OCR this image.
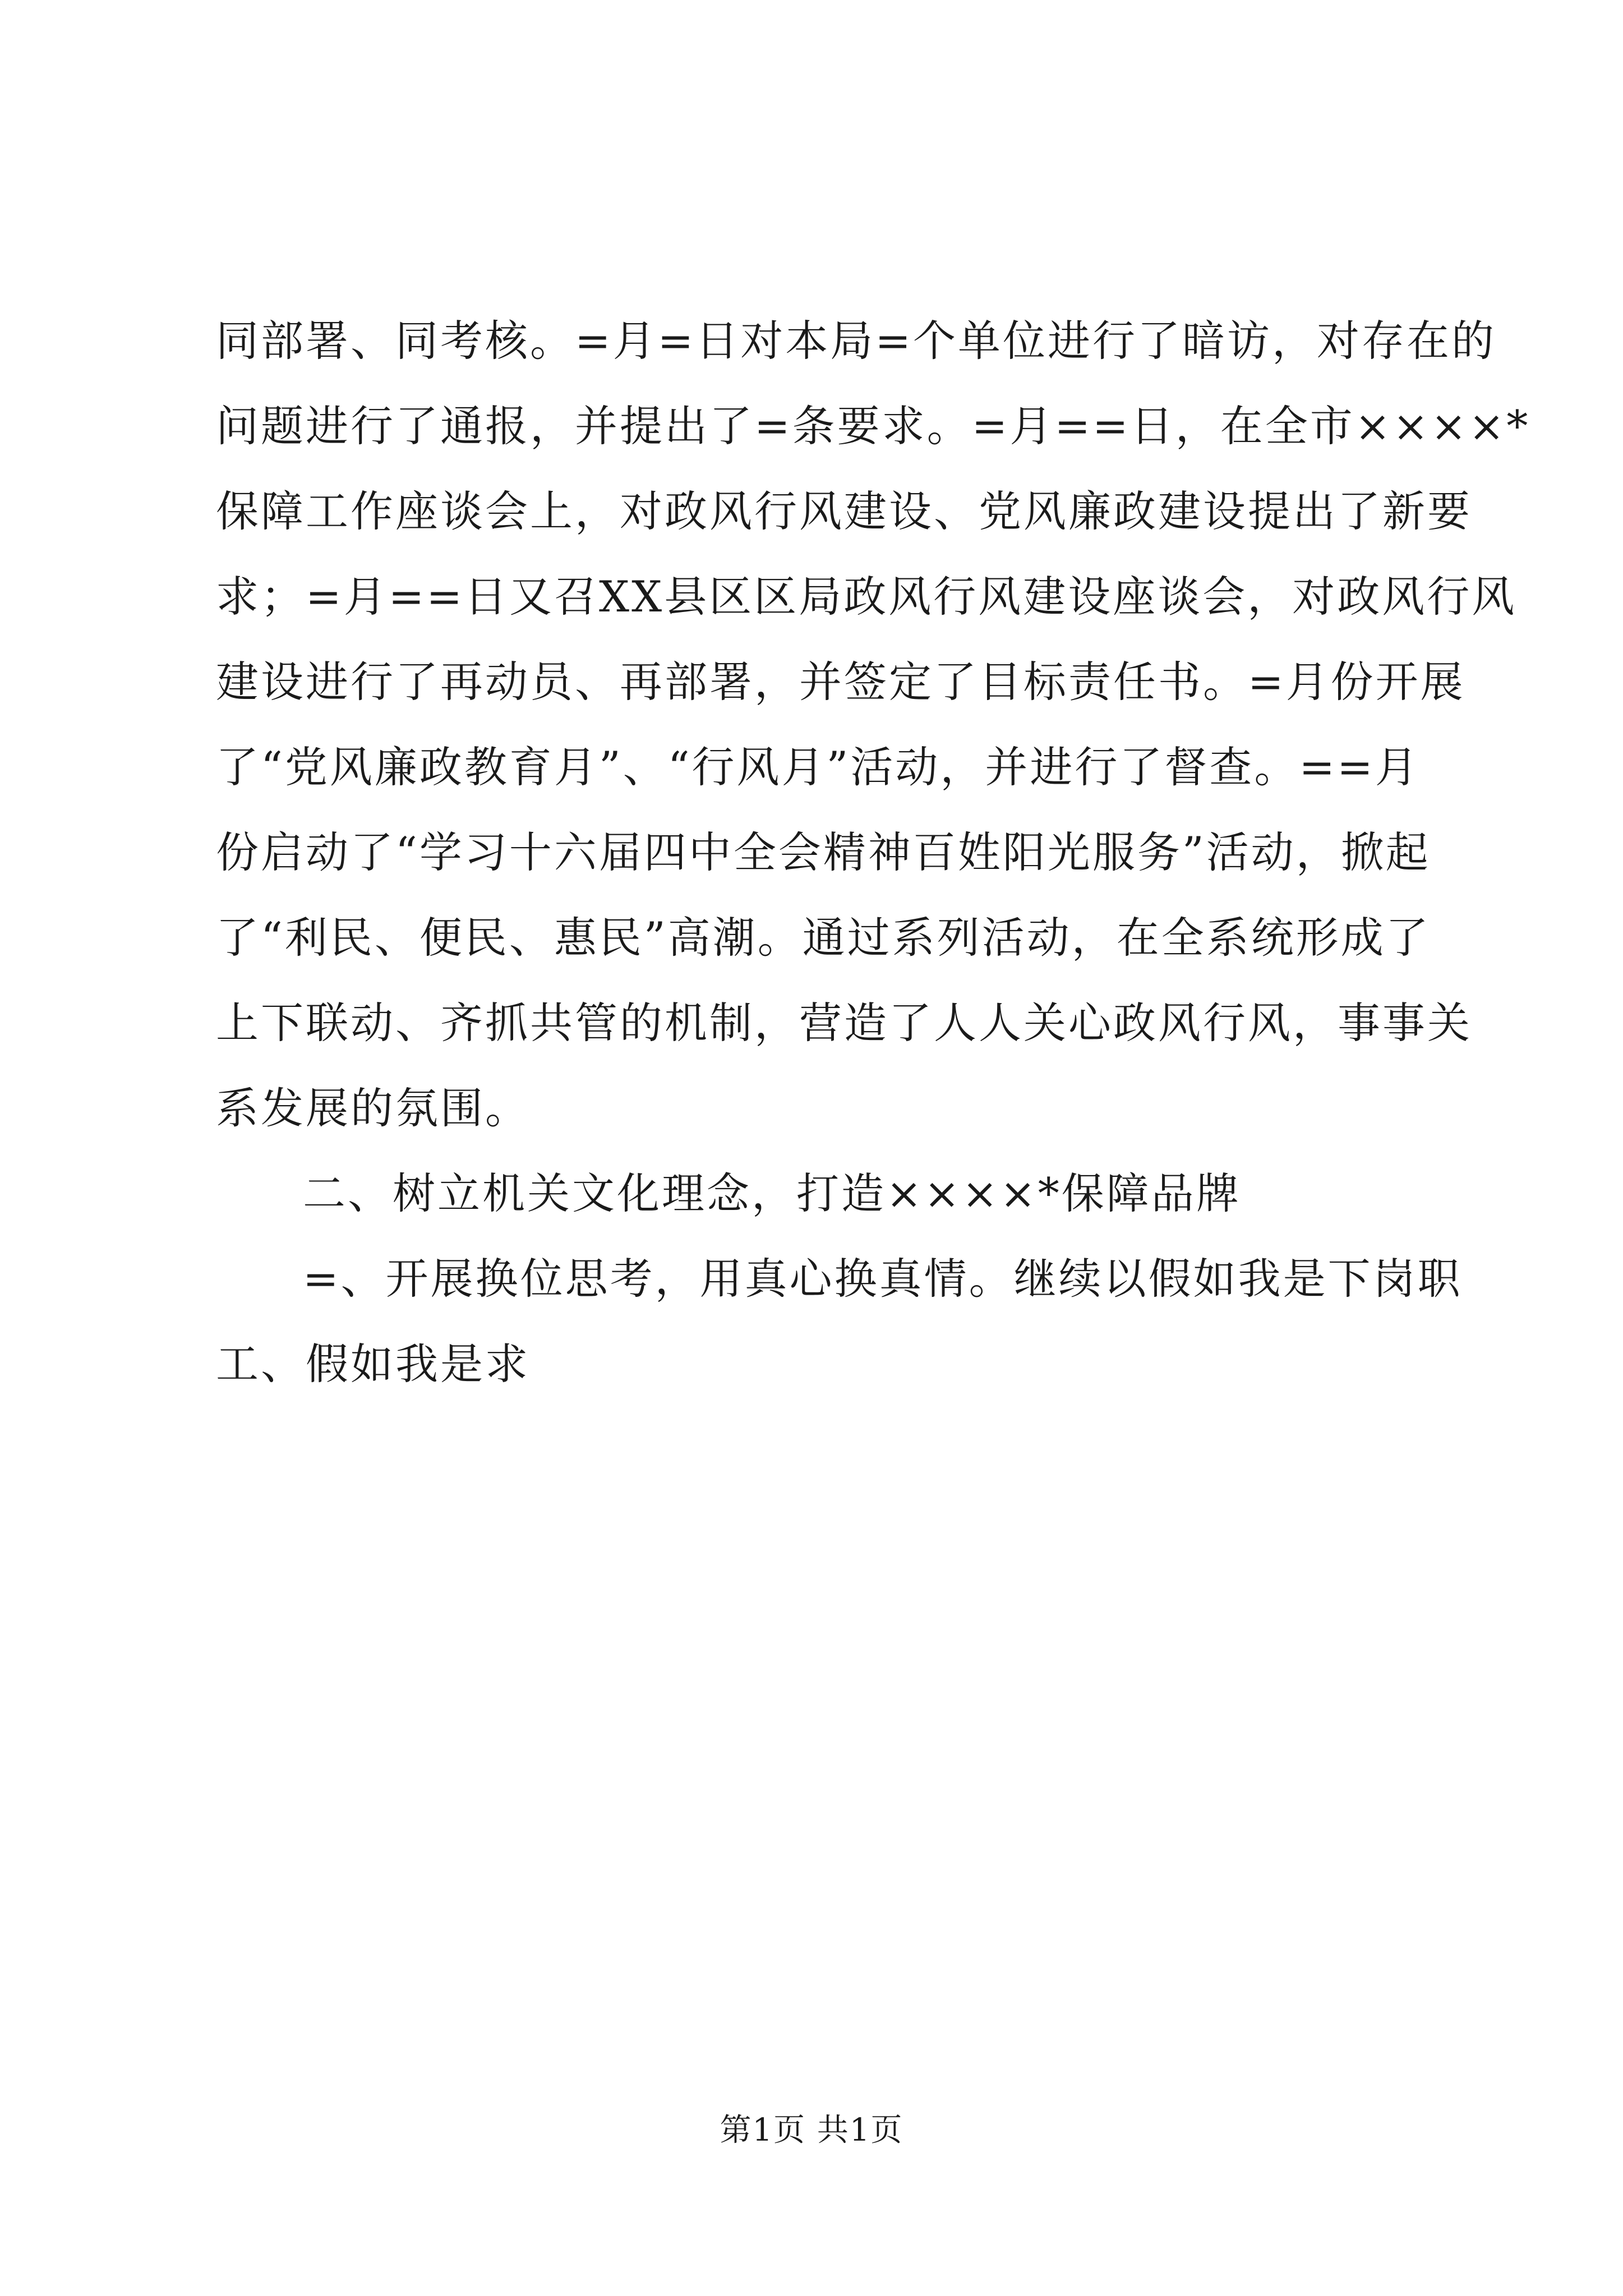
同部署、同考核。=月=日对本局=个单位进行了暗访，对存在的
问题进行了通报，并提出了=条要求。=月==日，在全市××××*
保障工作座谈会上，对政风行风建设、党风廉政建设提出了新要
求；=月==日又召XX县区区局政风行风建设座谈会，对政风行风
建设进行了再动员、再部署，并签定了目标责任书。=月份开展
了“党风廉政教育月”、“行风月”活动，并进行了督查。==月
份启动了“学习十六届四中全会精神百姓阳光服务”活动，掀起
了“利民、便民、惠民”高潮。通过系列活动，在全系统形成了
上下联动、齐抓共管的机制，营造了人人关心政风行风，事事关
系发展的氛围。
二、树立机关文化理念，打造××××*保障品牌
=、开展换位思考，用真心换真情。继续以假如我是下岗职
工、假如我是求
第1页 共1页
